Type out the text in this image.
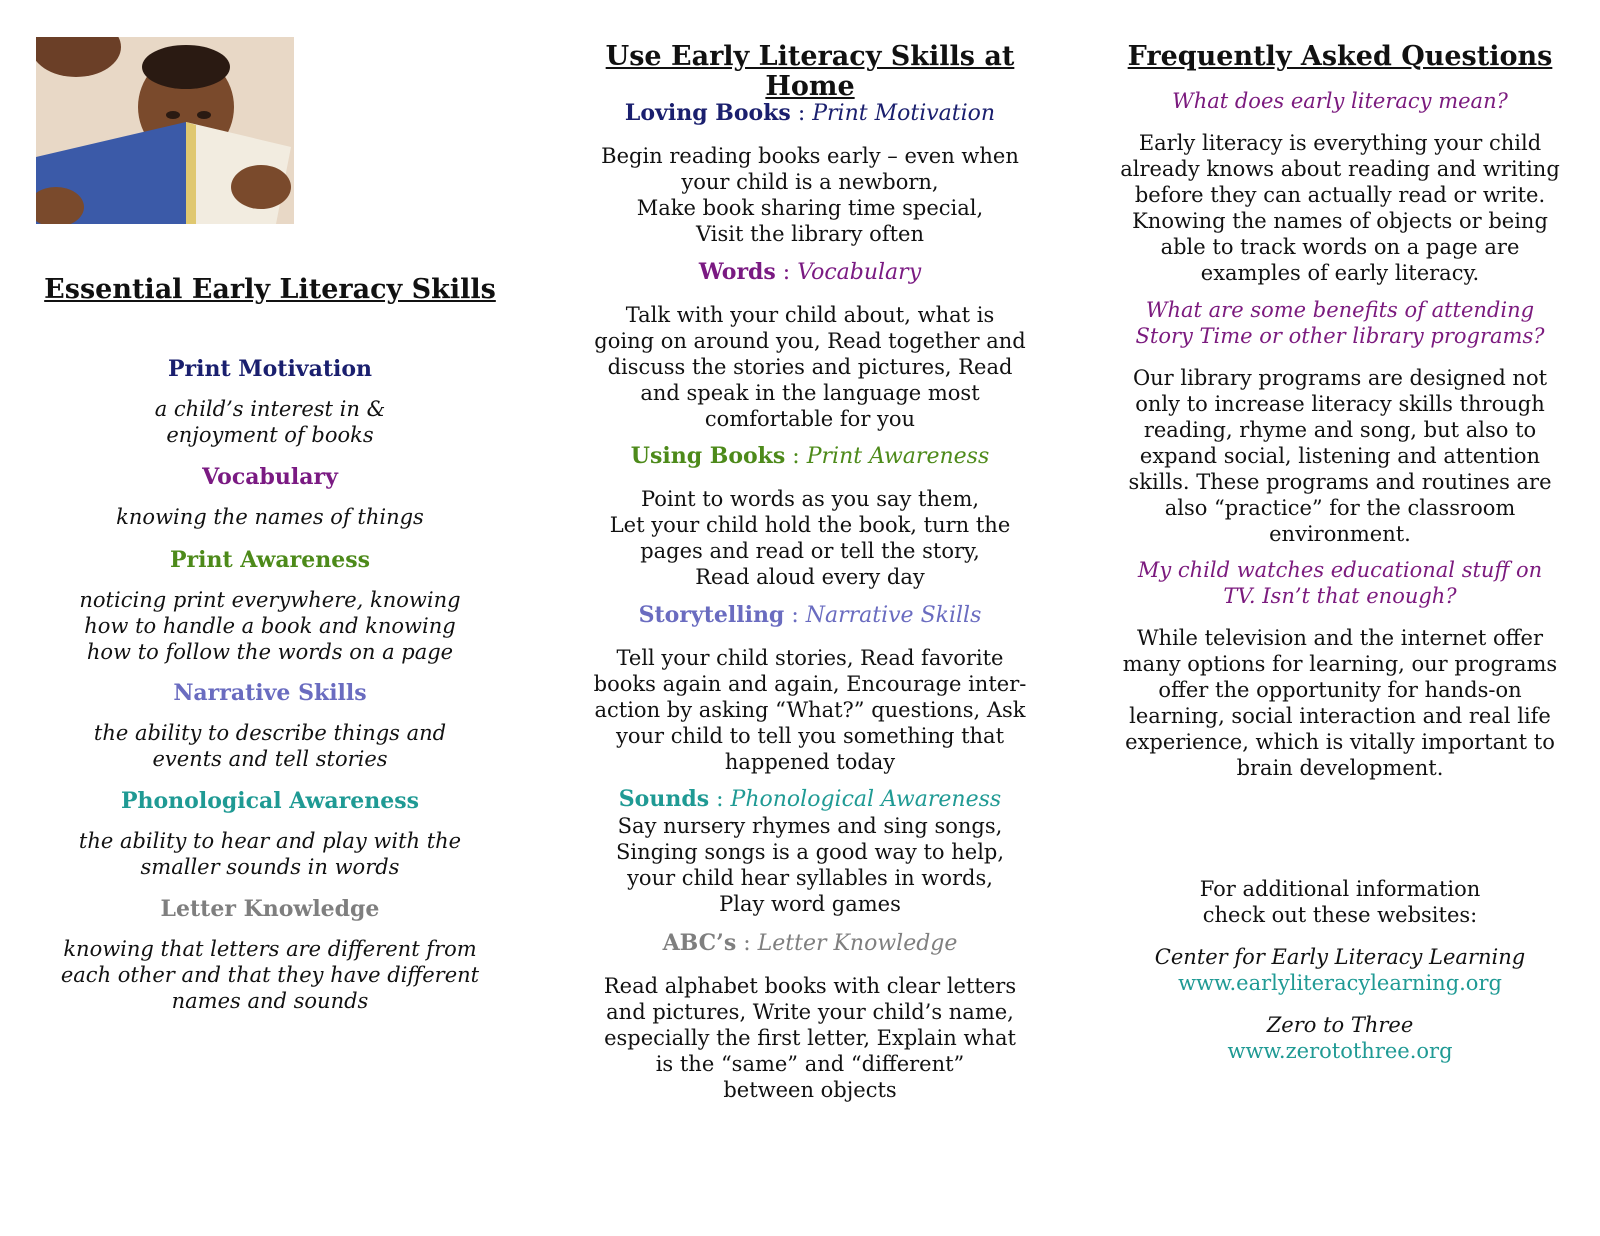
Essential Early Literacy Skills

Print Motivation

a child’s interest in &

enjoyment of books

Vocabulary

knowing the names of things

Print Awareness

noticing print everywhere, knowing

how to handle a book and knowing

how to follow the words on a page

Narrative Skills

the ability to describe things and

events and tell stories

Phonological Awareness

the ability to hear and play with the

smaller sounds in words

Letter Knowledge

knowing that letters are different from

each other and that they have different

names and sounds

Use Early Literacy Skills at
Home

Loving Books : Print Motivation

Begin reading books early – even when

your child is a newborn,

Make book sharing time special,

Visit the library often

Words : Vocabulary

Talk with your child about, what is

going on around you, Read together and

discuss the stories and pictures, Read

and speak in the language most

comfortable for you

Using Books : Print Awareness

Point to words as you say them,

Let your child hold the book, turn the

pages and read or tell the story,

Read aloud every day

Storytelling : Narrative Skills

Tell your child stories, Read favorite

books again and again, Encourage inter-

action by asking “What?” questions, Ask

your child to tell you something that

happened today

Sounds : Phonological Awareness

Say nursery rhymes and sing songs,

Singing songs is a good way to help,

your child hear syllables in words,

Play word games

ABC’s : Letter Knowledge

Read alphabet books with clear letters

and pictures, Write your child’s name,

especially the first letter, Explain what

is the “same” and “different”

between objects

Frequently Asked Questions

What does early literacy mean?

Early literacy is everything your child

already knows about reading and writing

before they can actually read or write.

Knowing the names of objects or being

able to track words on a page are

examples of early literacy.

What are some benefits of attending

Story Time or other library programs?

Our library programs are designed not

only to increase literacy skills through

reading, rhyme and song, but also to

expand social, listening and attention

skills. These programs and routines are

also “practice” for the classroom

environment.

My child watches educational stuff on

TV. Isn’t that enough?

While television and the internet offer

many options for learning, our programs

offer the opportunity for hands-on

learning, social interaction and real life

experience, which is vitally important to

brain development.

For additional information

check out these websites:

Center for Early Literacy Learning

www.earlyliteracylearning.org

Zero to Three

www.zerotothree.org
